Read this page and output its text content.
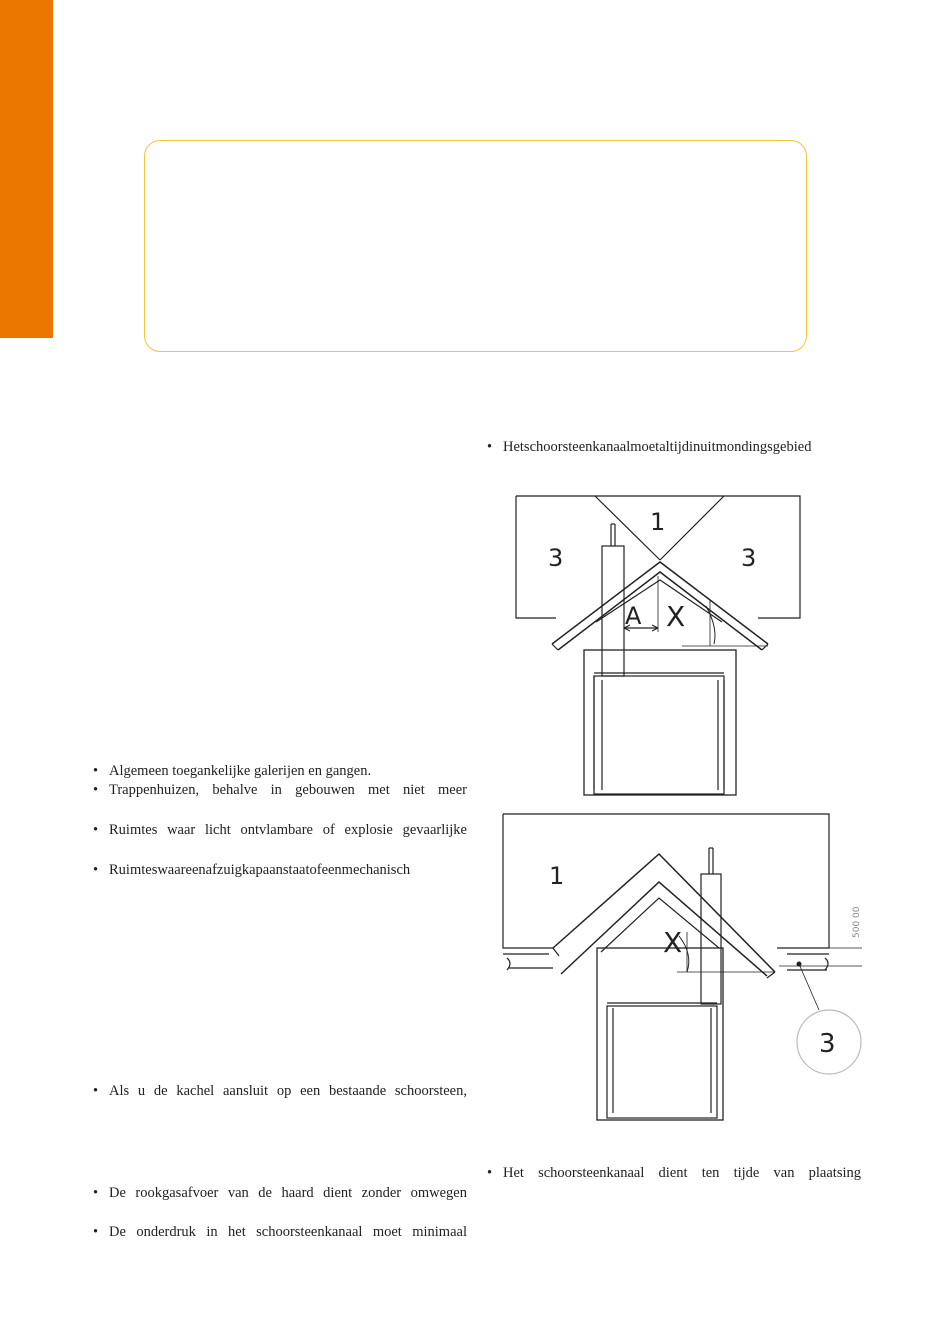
• Hetschoorsteenkanaalmoetaltijdinuitmondingsgebied
• Het schoorsteenkanaal dient ten tijde van plaatsing
• Algemeen toegankelijke galerijen en gangen.
• Trappenhuizen, behalve in gebouwen met niet meer
• Ruimtes waar licht ontvlambare of explosie gevaarlijke
• Ruimteswaareenafzuigkapaanstaatofeenmechanisch
• Als u de kachel aansluit op een bestaande schoorsteen,
• De rookgasafvoer van de haard dient zonder omwegen
• De onderdruk in het schoorsteenkanaal moet minimaal
1
3	3
A X
1
X
500 00
3
